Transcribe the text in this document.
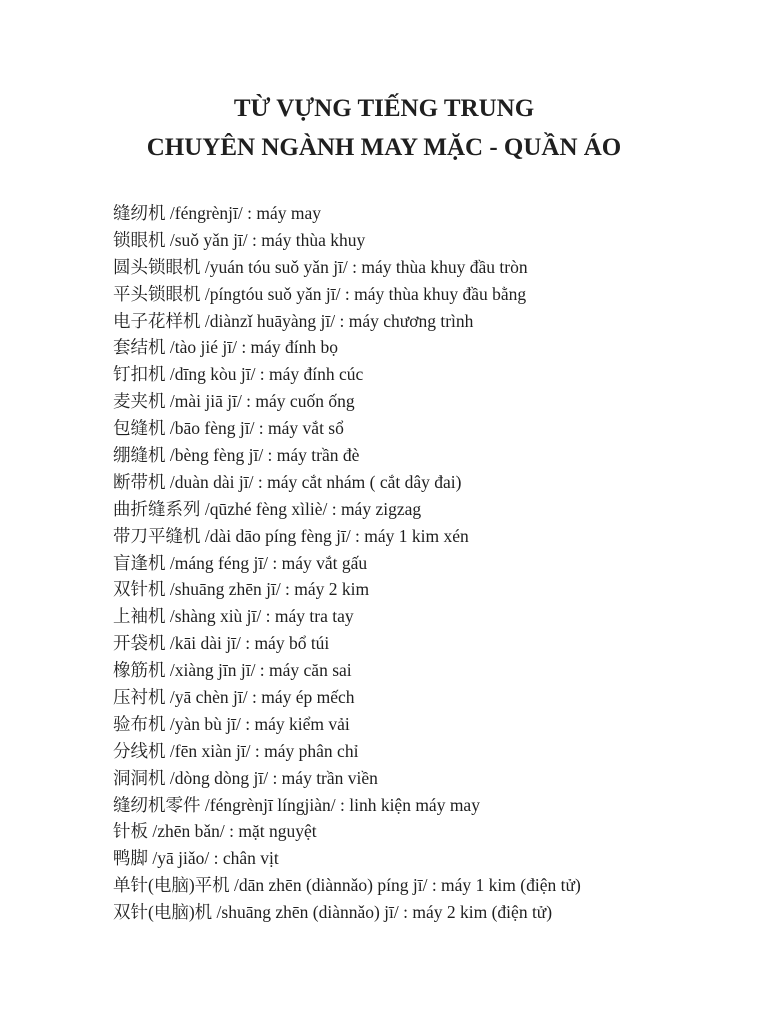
TỪ VỰNG TIẾNG TRUNG
CHUYÊN NGÀNH MAY MẶC - QUẦN ÁO
缝纫机 /féngrènjī/ : máy may
锁眼机 /suǒ yǎn jī/ : máy thùa khuy
圆头锁眼机 /yuán tóu suǒ yǎn jī/ : máy thùa khuy đầu tròn
平头锁眼机 /píngtóu suǒ yǎn jī/ : máy thùa khuy đầu bằng
电子花样机 /diànzǐ huāyàng jī/ : máy chương trình
套结机 /tào jié jī/ : máy đính bọ
钉扣机 /dīng kòu jī/ : máy đính cúc
麦夹机 /mài jiā jī/ : máy cuốn ống
包缝机 /bāo fèng jī/ : máy vắt sổ
绷缝机 /bèng fèng jī/ : máy trần đè
断带机 /duàn dài jī/ : máy cắt nhám ( cắt dây đai)
曲折缝系列 /qūzhé fèng xìliè/ : máy zigzag
带刀平缝机 /dài dāo píng fèng jī/ : máy 1 kim xén
盲逢机 /máng féng jī/ : máy vắt gấu
双针机 /shuāng zhēn jī/ : máy 2 kim
上袖机 /shàng xiù jī/ : máy tra tay
开袋机 /kāi dài jī/ : máy bổ túi
橡筋机 /xiàng jīn jī/ : máy căn sai
压衬机 /yā chèn jī/ : máy ép mếch
验布机 /yàn bù jī/ : máy kiểm vải
分线机 /fēn xiàn jī/ : máy phân chỉ
洞洞机 /dòng dòng jī/ : máy trần viền
缝纫机零件 /féngrènjī língjiàn/ : linh kiện máy may
针板 /zhēn bǎn/ : mặt nguyệt
鸭脚 /yā jiǎo/ : chân vịt
单针(电脑)平机 /dān zhēn (diànnǎo) píng jī/ : máy 1 kim (điện tử)
双针(电脑)机 /shuāng zhēn (diànnǎo) jī/ : máy 2 kim (điện tử)
